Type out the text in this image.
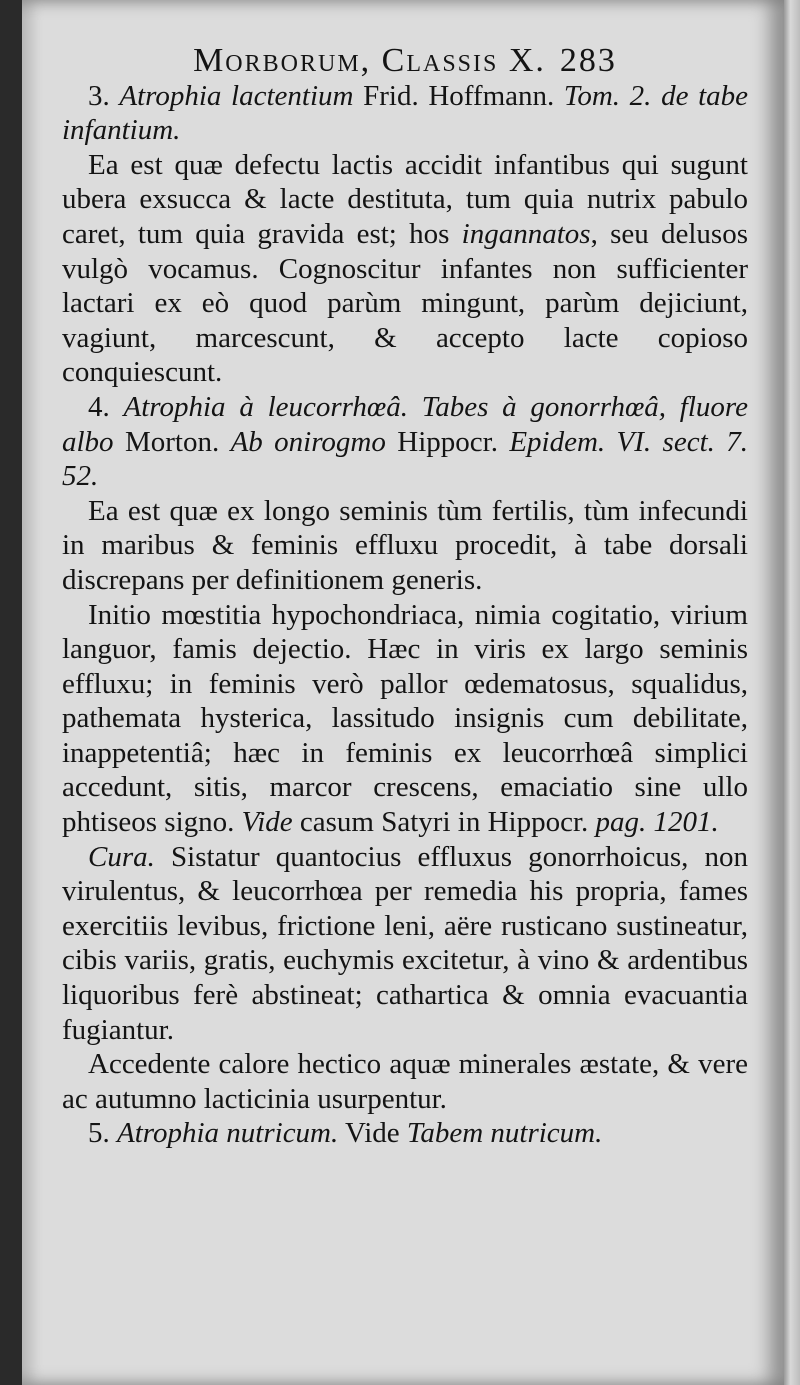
Morborum, Classis X. 283

3. Atrophia lactentium Frid. Hoffmann. Tom. 2. de tabe infantium.

Ea est quæ defectu lactis accidit infantibus qui sugunt ubera exsucca & lacte destituta, tum quia nutrix pabulo caret, tum quia gravida est; hos ingannatos, seu delusos vulgò vocamus. Cognoscitur infantes non sufficienter lactari ex eò quod parùm mingunt, parùm dejiciunt, vagiunt, marcescunt, & accepto lacte copioso conquiescunt.

4. Atrophia à leucorrhœâ. Tabes à gonorrhœâ, fluore albo Morton. Ab onirogmo Hippocr. Epidem. VI. sect. 7. 52.

Ea est quæ ex longo seminis tùm fertilis, tùm infecundi in maribus & feminis effluxu procedit, à tabe dorsali discrepans per definitionem generis.

Initio mœstitia hypochondriaca, nimia cogitatio, virium languor, famis dejectio. Hæc in viris ex largo seminis effluxu; in feminis verò pallor œdematosus, squalidus, pathemata hysterica, lassitudo insignis cum debilitate, inappetentiâ; hæc in feminis ex leucorrhœâ simplici accedunt, sitis, marcor crescens, emaciatio sine ullo phtiseos signo. Vide casum Satyri in Hippocr. pag. 1201.

Cura. Sistatur quantocius effluxus gonorrhoicus, non virulentus, & leucorrhœa per remedia his propria, fames exercitiis levibus, frictione leni, aëre rusticano sustineatur, cibis variis, gratis, euchymis excitetur, à vino & ardentibus liquoribus ferè abstineat; cathartica & omnia evacuantia fugiantur.

Accedente calore hectico aquæ minerales æstate, & vere ac autumno lacticinia usurpentur.

5. Atrophia nutricum. Vide Tabem nutricum.
